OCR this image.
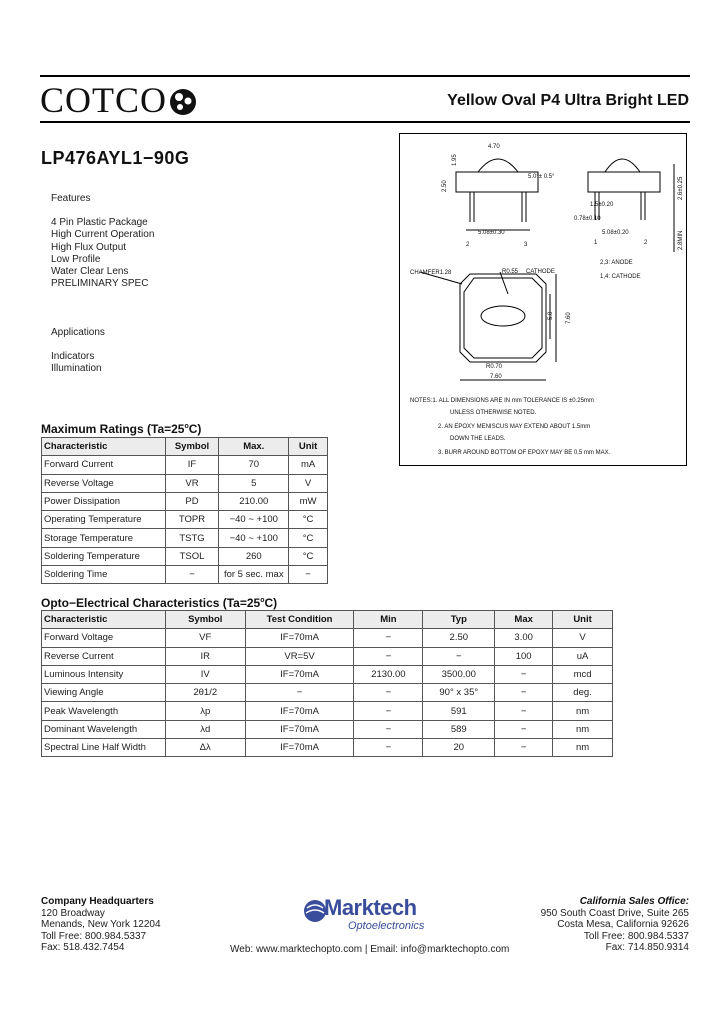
COTCO	Yellow Oval P4 Ultra Bright LED
LP476AYL1−90G
Features
4 Pin Plastic Package
High Current Operation
High Flux Output
Low Profile
Water Clear Lens
PRELIMINARY SPEC
Applications
Indicators
Illumination
4.70
1.95
2.50
5.0°± 0.5°
1.5±0.20
0.78±0.10
5.08±0.30	5.08±0.20
2.6±0.25
2.8MIN
2	3	1	2
2,3: ANODE
1,4: CATHODE
CHAMFER1.28	R0.55 CATHODE
5.0 7.60
R0.70
7.60
NOTES:1. ALL DIMENSIONS ARE IN mm TOLERANCE IS ±0.25mm
UNLESS OTHERWISE NOTED.
2. AN EPOXY MENISCUS MAY EXTEND ABOUT 1.5mm
DOWN THE LEADS.
3. BURR AROUND BOTTOM OF EPOXY MAY BE 0.5 mm MAX.
Maximum Ratings $(Ta=25^oC)$
Characteristic	Symbol	Max.	Unit
Forward Current	IF	70	mA
Reverse Voltage	VR	5	V
Power Dissipation	PD	210.00	mW
Operating Temperature	TOPR	−40 ~ +100	°C
Storage Temperature	TSTG	−40 ~ +100	°C
Soldering Temperature	TSOL	260	°C
Soldering Time	−	for 5 sec. max	−
Opto−Electrical Characteristics $(Ta=25^oC)$
Characteristic	Symbol	Test Condition	Min	Typ	Max	Unit
Forward Voltage	VF	IF=70mA	−	2.50	3.00	V
Reverse Current	IR	VR=5V	−	−	100	uA
Luminous Intensity	IV	IF=70mA	2130.00	3500.00	−	mcd
Viewing Angle	2θ1/2	−	−	90° x 35°	−	deg.
Peak Wavelength	λp	IF=70mA	−	591	−	nm
Dominant Wavelength	λd	IF=70mA	−	589	−	nm
Spectral Line Half Width	Δλ	IF=70mA	−	20	−	nm
Company Headquarters
120 Broadway
Menands, New York 12204
Toll Free: 800.984.5337
Fax: 518.432.7454
Marktech
Optoelectronics
Web: www.marktechopto.com | Email: info@marktechopto.com
California Sales Office:
950 South Coast Drive, Suite 265
Costa Mesa, California 92626
Toll Free: 800.984.5337
Fax: 714.850.9314
